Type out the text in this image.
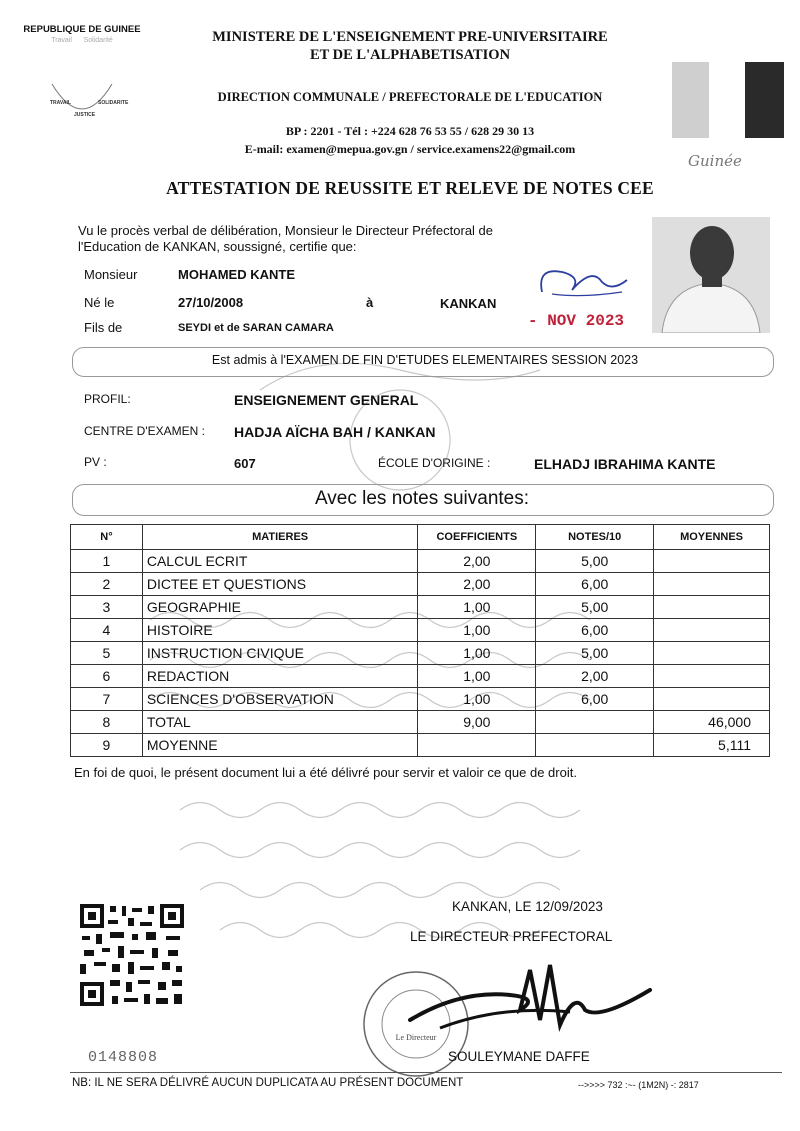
REPUBLIQUE DE GUINEE
Travail Solidarité
TRAVAIL
JUSTICE
SOLIDARITE
MINISTERE DE L'ENSEIGNEMENT PRE-UNIVERSITAIRE
ET DE L'ALPHABETISATION
DIRECTION COMMUNALE / PREFECTORALE DE L'EDUCATION
BP : 2201 - Tél : +224 628 76 53 55 / 628 29 30 13
E-mail: examen@mepua.gov.gn / service.examens22@gmail.com
Guinée
ATTESTATION DE REUSSITE ET RELEVE DE NOTES CEE
Vu le procès verbal de délibération, Monsieur le Directeur Préfectoral de
l'Education de KANKAN, soussigné, certifie que:
Monsieur	MOHAMED KANTE
Né le	27/10/2008	à	KANKAN
Fils de	SEYDI et de SARAN CAMARA	- NOV 2023
Est admis à l'EXAMEN DE FIN D'ETUDES ELEMENTAIRES SESSION 2023
PROFIL:	ENSEIGNEMENT GENERAL
CENTRE D'EXAMEN : HADJA AÏCHA BAH / KANKAN
PV :	607	ÉCOLE D'ORIGINE :	ELHADJ IBRAHIMA KANTE
Avec les notes suivantes:
N°	MATIERES	COEFFICIENTS	NOTES/10	MOYENNES
1	CALCUL ECRIT	2,00	5,00	
2	DICTEE ET QUESTIONS	2,00	6,00	
3	GEOGRAPHIE	1,00	5,00	
4	HISTOIRE	1,00	6,00	
5	INSTRUCTION CIVIQUE	1,00	5,00	
6	REDACTION	1,00	2,00	
7	SCIENCES D'OBSERVATION	1,00	6,00	
8	TOTAL	9,00		46,000
9	MOYENNE			5,111
En foi de quoi, le présent document lui a été délivré pour servir et valoir ce que de droit.
0148808
Le Directeur
KANKAN, LE 12/09/2023
LE DIRECTEUR PREFECTORAL
SOULEYMANE DAFFE
NB: IL NE SERA DÉLIVRÉ AUCUN DUPLICATA AU PRÉSENT DOCUMENT	-->>>> 732 :~- (1M2N) -: 2817
